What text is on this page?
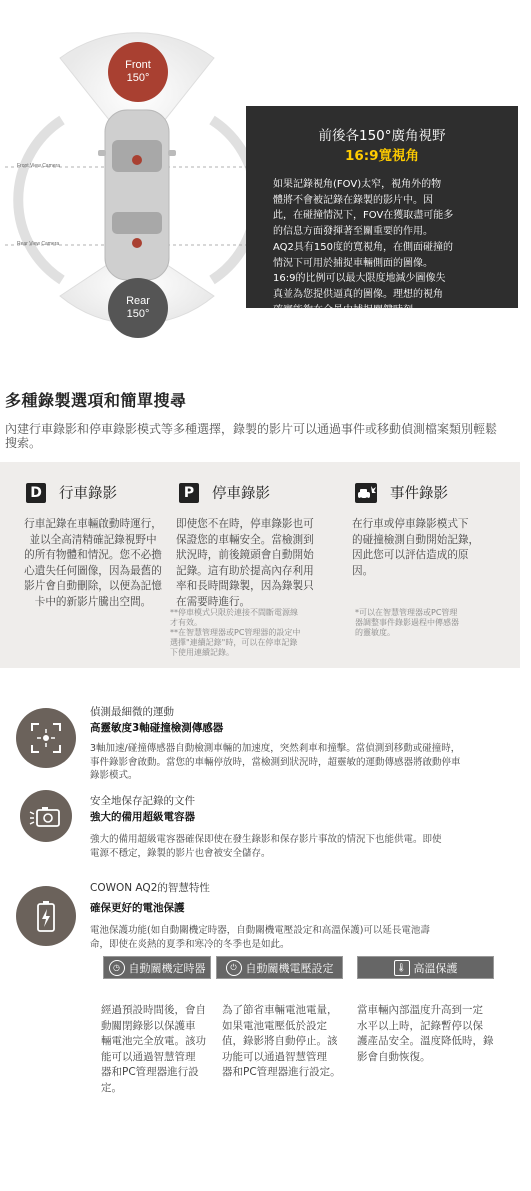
Front
150°
Rear
150°
Front View Camera
Rear View Camera
前後各150°廣角視野
16:9寬視角
如果記錄視角(FOV)太窄，視角外的物
體將不會被記錄在錄製的影片中。因
此，在碰撞情況下，FOV在獲取盡可能多
的信息方面發揮著至關重要的作用。
AQ2具有150度的寬視角，在側面碰撞的
情況下可用於捕捉車輛側面的圖像。
16:9的比例可以最大限度地減少圖像失
真並為您提供逼真的圖像。理想的視角
確實能夠在全景中捕捉關鍵時刻。
多種錄製選項和簡單搜尋

內建行車錄影和停車錄影模式等多種選擇，錄製的影片可以通過事件或移動偵測檔案類別輕鬆搜索。

D 行車錄影	P	停車錄影	事件錄影
行車記錄在車輛啟動時運行，
並以全高清精確記錄視野中
的所有物體和情況。您不必擔
心遺失任何圖像，因為最舊的
影片會自動刪除，以便為記憶
卡中的新影片騰出空間。
即使您不在時，停車錄影也可
保證您的車輛安全。當檢測到
狀況時，前後鏡頭會自動開始
記錄。這有助於提高內存利用
率和長時間錄製，因為錄製只
在需要時進行。
在行車或停車錄影模式下
的碰撞檢測自動開始記錄，
因此您可以評估造成的原
因。
**停車模式只限於連接不間斷電源線
才有效。
**在智慧管理器或PC管理器的設定中
選擇"連續記錄"時，可以在停車記錄
下使用連續記錄。
*可以在智慧管理器或PC管理
器調整事件錄影過程中傳感器
的靈敏度。
偵測最細微的運動
高靈敏度3軸碰撞檢測傳感器
3軸加速/碰撞傳感器自動檢測車輛的加速度，突然剎車和撞擊。當偵測到移動或碰撞時，
事件錄影會啟動。當您的車輛停放時，當檢測到狀況時，超靈敏的運動傳感器將啟動停車
錄影模式。
安全地保存記錄的文件
強大的備用超級電容器
強大的備用超級電容器確保即使在發生錄影和保存影片事故的情況下也能供電。即使
電源不穩定，錄製的影片也會被安全儲存。
COWON AQ2的智慧特性
確保更好的電池保護
電池保護功能(如自動關機定時器，自動關機電壓設定和高溫保護)可以延長電池壽
命，即使在炎熱的夏季和寒冷的冬季也是如此。
◷ 自動關機定時器	⏻ 自動關機電壓設定	🌡 高溫保護
經過預設時間後，會自
動關閉錄影以保護車
輛電池完全放電。該功
能可以通過智慧管理
器和PC管理器進行設
定。
為了節省車輛電池電量，
如果電池電壓低於設定
值，錄影將自動停止。該
功能可以通過智慧管理
器和PC管理器進行設定。
當車輛內部溫度升高到一定
水平以上時，記錄暫停以保
護產品安全。溫度降低時，錄
影會自動恢復。
